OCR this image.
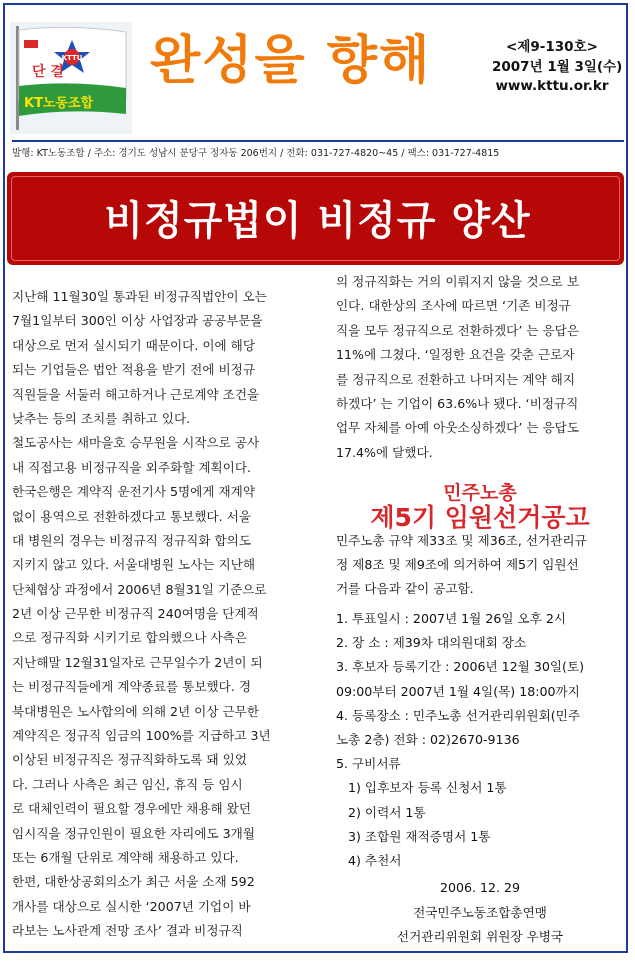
KTTU
단 결
KT노동조합
완성을 향해	<제9-130호>
2007년 1월 3일(수)
www.kttu.or.kr
발행: KT노동조합 / 주소: 경기도 성남시 분당구 정자동 206번지 / 전화: 031-727-4820~45 / 팩스: 031-727-4815
비정규법이 비정규 양산
지난해 11월30일 통과된 비정규직법안이 오는
7월1일부터 300인 이상 사업장과 공공부문을
대상으로 먼저 실시되기 때문이다. 이에 해당
되는 기업들은 법안 적용을 받기 전에 비정규
직원들을 서둘러 해고하거나 근로계약 조건을
낮추는 등의 조치를 취하고 있다.
철도공사는 새마을호 승무원을 시작으로 공사
내 직접고용 비정규직을 외주화할 계획이다.
한국은행은 계약직 운전기사 5명에게 재계약
없이 용역으로 전환하겠다고 통보했다. 서울
대 병원의 경우는 비정규직 정규직화 합의도
지키지 않고 있다. 서울대병원 노사는 지난해
단체협상 과정에서 2006년 8월31일 기준으로
2년 이상 근무한 비정규직 240여명을 단계적
으로 정규직화 시키기로 합의했으나 사측은
지난해말 12월31일자로 근무일수가 2년이 되
는 비정규직들에게 계약종료를 통보했다. 경
북대병원은 노사합의에 의해 2년 이상 근무한
계약직은 정규직 임금의 100%를 지급하고 3년
이상된 비정규직은 정규직화하도록 돼 있었
다. 그러나 사측은 최근 임신, 휴직 등 임시
로 대체인력이 필요할 경우에만 채용해 왔던
임시직을 정규인원이 필요한 자리에도 3개월
또는 6개월 단위로 계약해 채용하고 있다.
한편, 대한상공회의소가 최근 서울 소재 592
개사를 대상으로 실시한 ‘2007년 기업이 바
라보는 노사관계 전망 조사’ 결과 비정규직
의 정규직화는 거의 이뤄지지 않을 것으로 보
인다. 대한상의 조사에 따르면 ‘기존 비정규
직을 모두 정규직으로 전환하겠다’ 는 응답은
11%에 그쳤다. ‘일정한 요건을 갖춘 근로자
를 정규직으로 전환하고 나머지는 계약 해지
하겠다’ 는 기업이 63.6%나 됐다. ‘비정규직
업무 자체를 아예 아웃소싱하겠다’ 는 응답도
17.4%에 달했다.
민주노총
제5기 임원선거공고
민주노총 규약 제33조 및 제36조, 선거관리규
정 제8조 및 제9조에 의거하여 제5기 임원선
거를 다음과 같이 공고함.
1. 투표일시 : 2007년 1월 26일 오후 2시
2. 장 소 : 제39차 대의원대회 장소
3. 후보자 등록기간 : 2006년 12월 30일(토)
09:00부터 2007년 1월 4일(목) 18:00까지
4. 등록장소 : 민주노총 선거관리위원회(민주
노총 2층) 전화 : 02)2670-9136
5. 구비서류
1) 입후보자 등록 신청서 1통
2) 이력서 1통
3) 조합원 재적증명서 1통
4) 추천서
2006. 12. 29
전국민주노동조합총연맹
선거관리위원회 위원장 우병국
